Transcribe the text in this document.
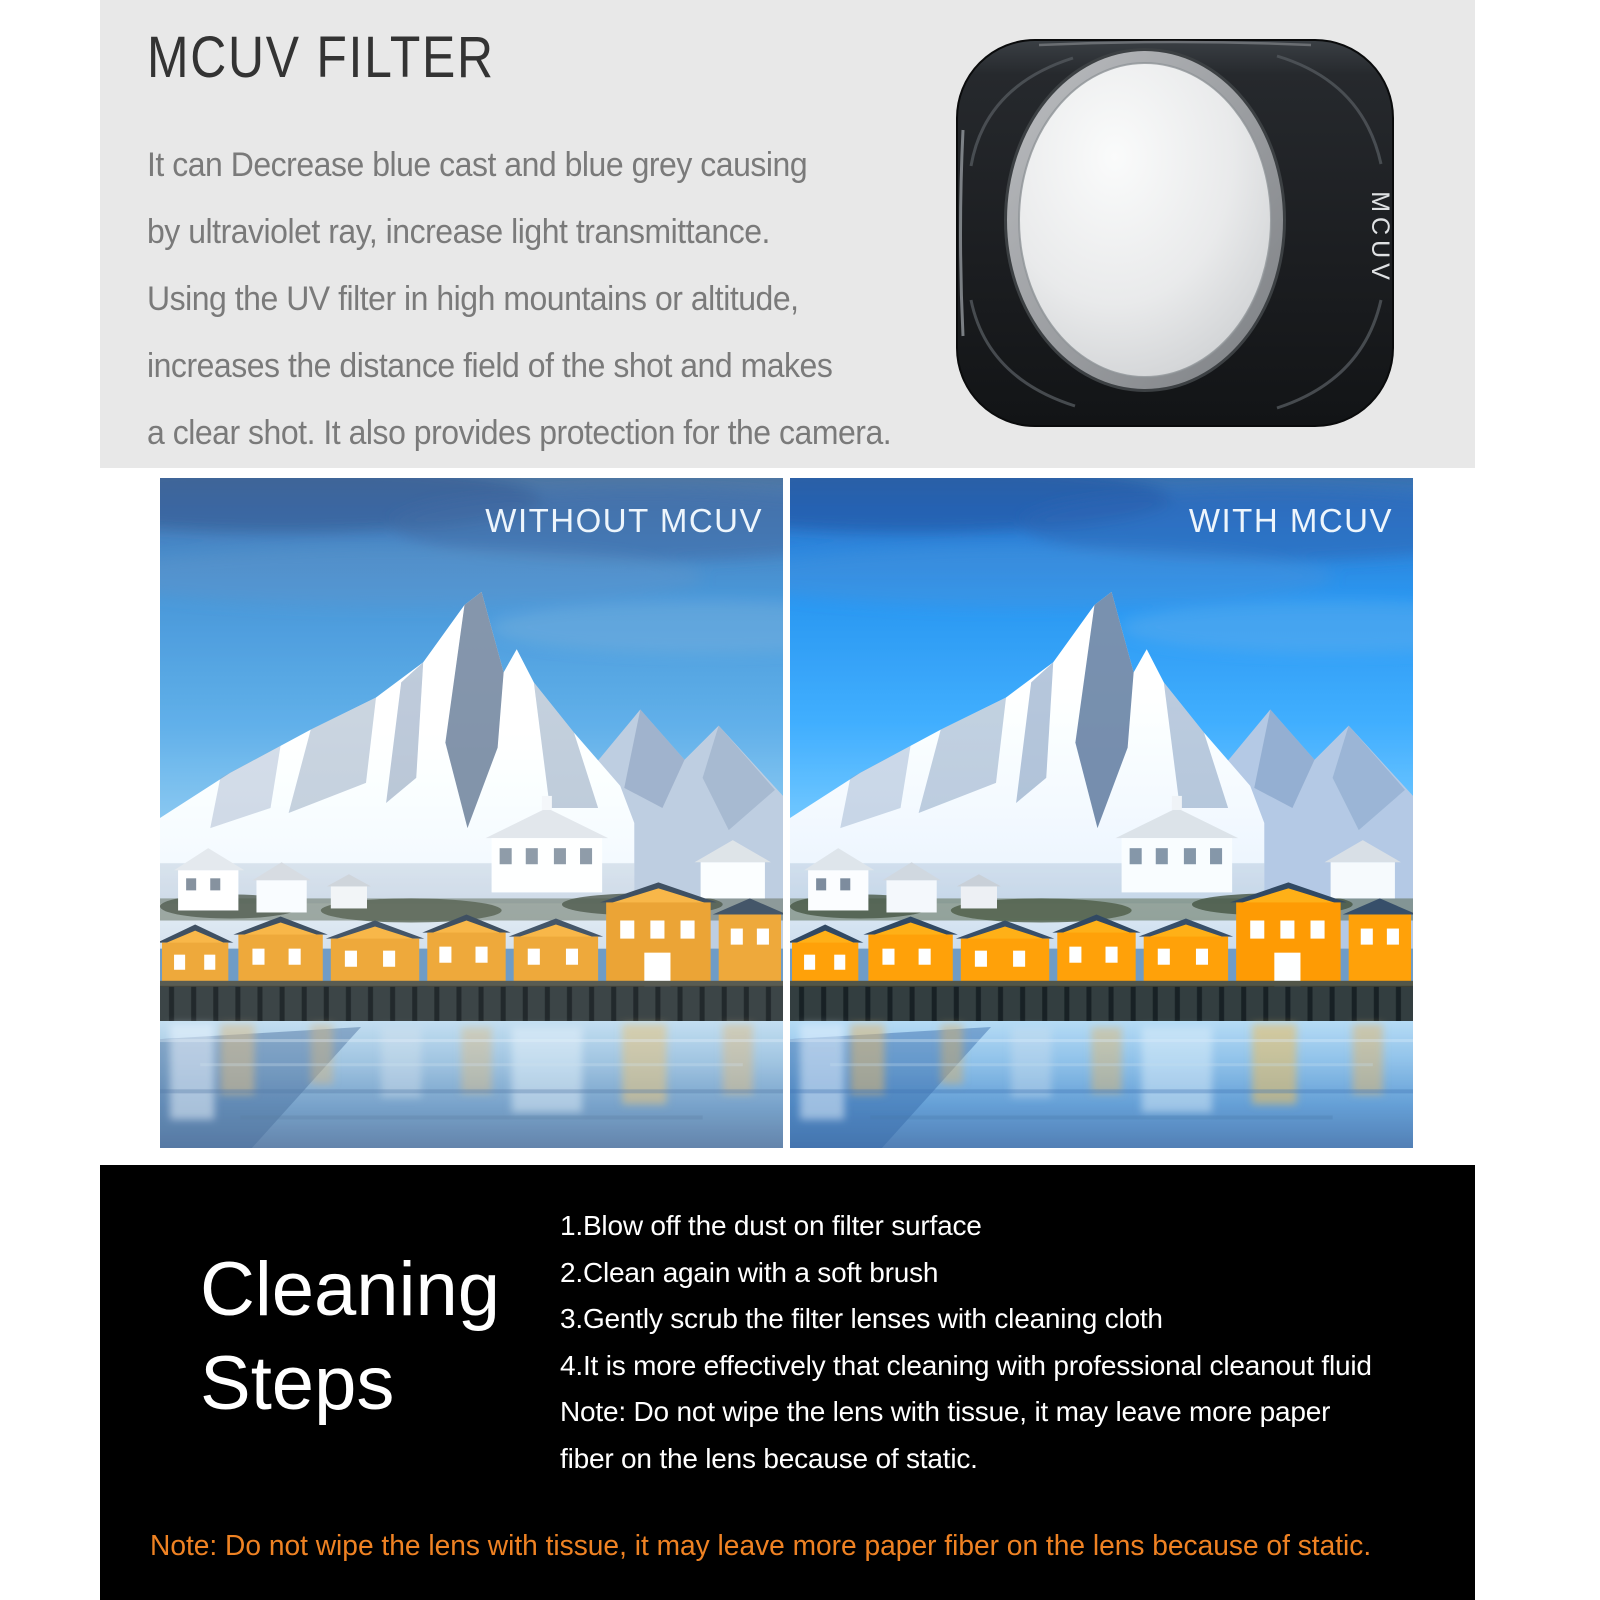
MCUV FILTER
It can Decrease blue cast and blue grey causing
by ultraviolet ray, increase light transmittance.
Using the UV filter in high mountains or altitude,
increases the distance field of the shot and makes
a clear shot. It also provides protection for the camera.
MCUV
WITHOUT MCUV	WITH MCUV
Cleaning
Steps
1.Blow off the dust on filter surface
2.Clean again with a soft brush
3.Gently scrub the filter lenses with cleaning cloth
4.It is more effectively that cleaning with professional cleanout fluid
Note: Do not wipe the lens with tissue, it may leave more paper
fiber on the lens because of static.
Note: Do not wipe the lens with tissue, it may leave more paper fiber on the lens because of static.
